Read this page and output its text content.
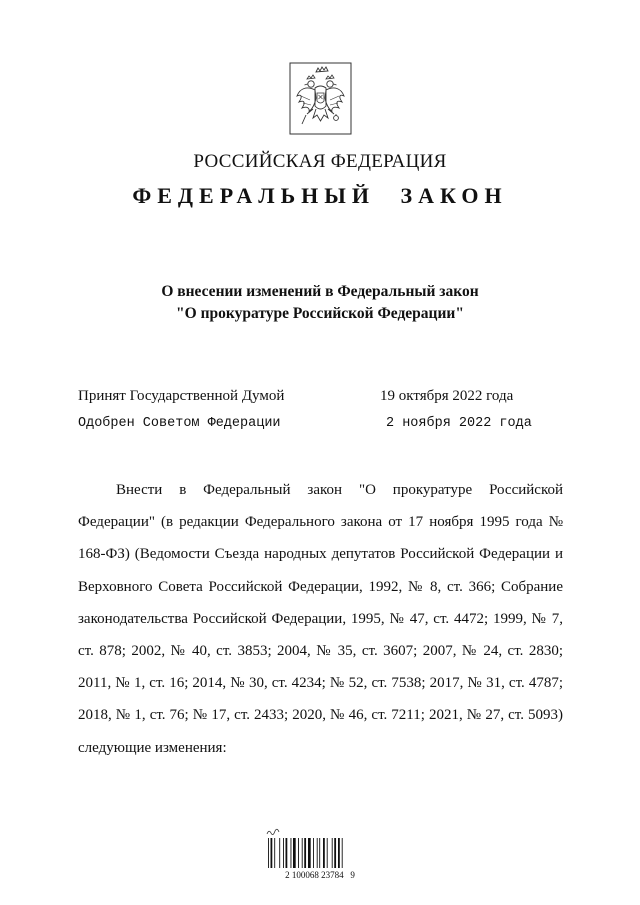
РОССИЙСКАЯ ФЕДЕРАЦИЯ
ФЕДЕРАЛЬНЫЙ ЗАКОН
О внесении изменений в Федеральный закон
"О прокуратуре Российской Федерации"
Принят Государственной Думой	19 октября 2022 года
Одобрен Советом Федерации	2 ноября 2022 года

Внести в Федеральный закон "О прокуратуре Российской Федерации" (в редакции Федерального закона от 17 ноября 1995 года № 168-ФЗ) (Ведомости Съезда народных депутатов Российской Федерации и Верховного Совета Российской Федерации, 1992, № 8, ст. 366; Собрание законодательства Российской Федерации, 1995, № 47, ст. 4472; 1999, № 7, ст. 878; 2002, № 40, ст. 3853; 2004, № 35, ст. 3607; 2007, № 24, ст. 2830; 2011, № 1, ст. 16; 2014, № 30, ст. 4234; № 52, ст. 7538; 2017, № 31, ст. 4787; 2018, № 1, ст. 76; № 17, ст. 2433; 2020, № 46, ст. 7211; 2021, № 27, ст. 5093) следующие изменения:

2 100068 23784   9
